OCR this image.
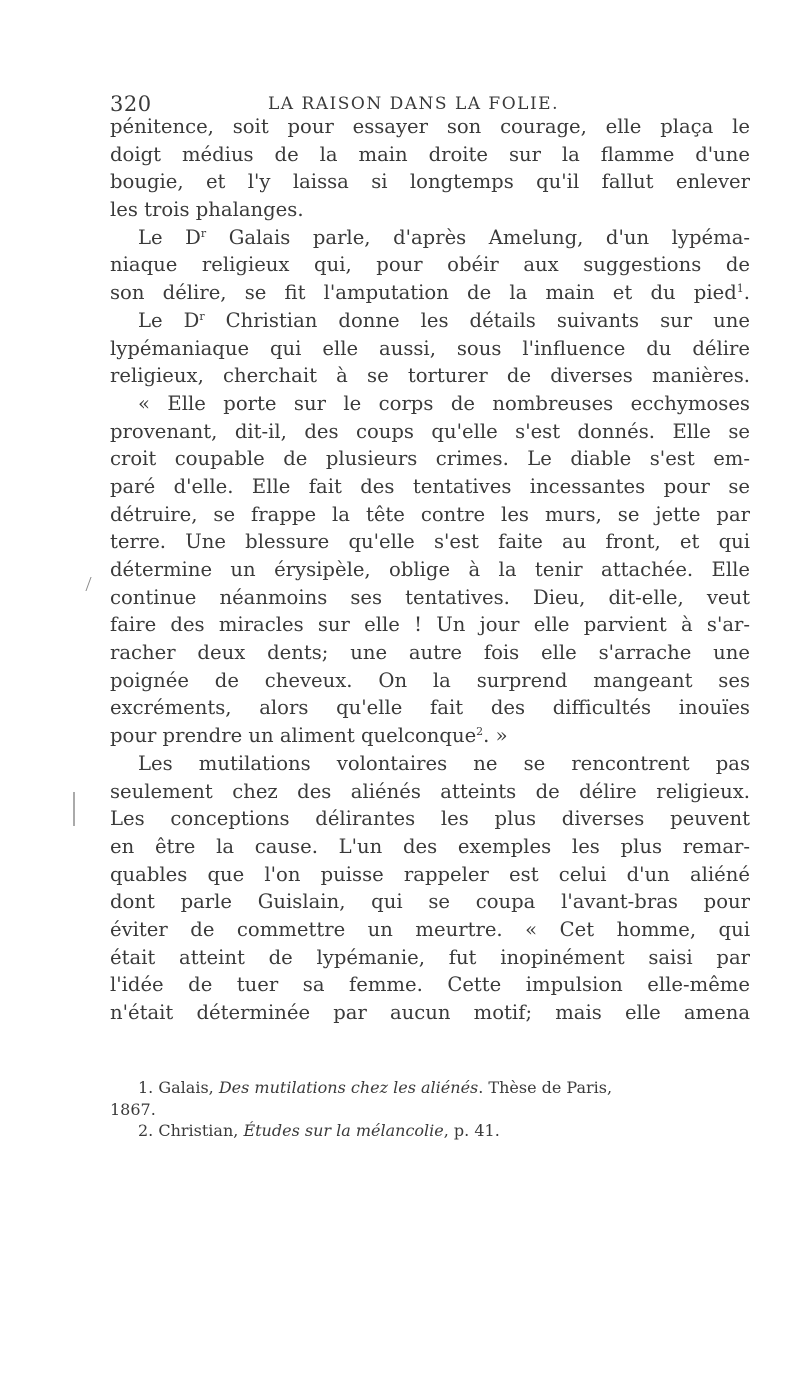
320	LA RAISON DANS LA FOLIE.
pénitence, soit pour essayer son courage, elle plaça le
doigt médius de la main droite sur la flamme d'une
bougie, et l'y laissa si longtemps qu'il fallut enlever
les trois phalanges.
Le $D^r$ Galais parle, d'après Amelung, d'un lypéma-
niaque religieux qui, pour obéir aux suggestions de
son délire, se fit l'amputation de la main et du pied$^1$.
Le $D^r$ Christian donne les détails suivants sur une
lypémaniaque qui elle aussi, sous l'influence du délire
religieux, cherchait à se torturer de diverses manières.
« Elle porte sur le corps de nombreuses ecchymoses
provenant, dit-il, des coups qu'elle s'est donnés. Elle se
croit coupable de plusieurs crimes. Le diable s'est em-
paré d'elle. Elle fait des tentatives incessantes pour se
détruire, se frappe la tête contre les murs, se jette par
terre. Une blessure qu'elle s'est faite au front, et qui
détermine un érysipèle, oblige à la tenir attachée. Elle
continue néanmoins ses tentatives. Dieu, dit-elle, veut
faire des miracles sur elle ! Un jour elle parvient à s'ar-
racher deux dents; une autre fois elle s'arrache une
poignée de cheveux. On la surprend mangeant ses
excréments, alors qu'elle fait des difficultés inouïes
pour prendre un aliment quelconque$^2$. »
Les mutilations volontaires ne se rencontrent pas
seulement chez des aliénés atteints de délire religieux.
Les conceptions délirantes les plus diverses peuvent
en être la cause. L'un des exemples les plus remar-
quables que l'on puisse rappeler est celui d'un aliéné
dont parle Guislain, qui se coupa l'avant-bras pour
éviter de commettre un meurtre. « Cet homme, qui
était atteint de lypémanie, fut inopinément saisi par
l'idée de tuer sa femme. Cette impulsion elle-même
n'était déterminée par aucun motif; mais elle amena
1. Galais, Des mutilations chez les aliénés. Thèse de Paris,
1867.
2. Christian, Études sur la mélancolie, p. 41.
